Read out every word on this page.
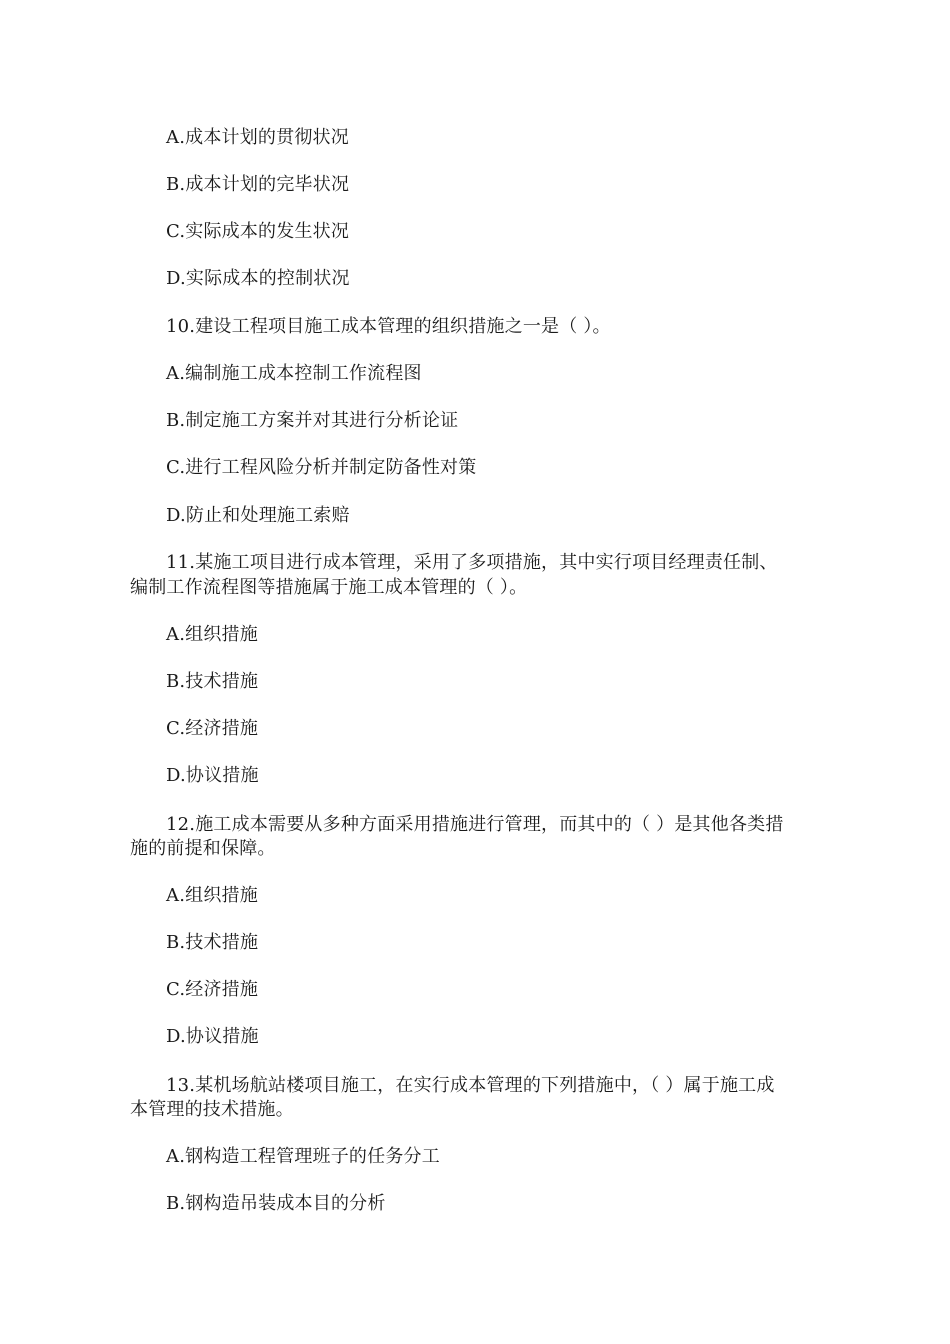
A.成本计划的贯彻状况
B.成本计划的完毕状况
C.实际成本的发生状况
D.实际成本的控制状况
10.建设工程项目施工成本管理的组织措施之一是（ ）。
A.编制施工成本控制工作流程图
B.制定施工方案并对其进行分析论证
C.进行工程风险分析并制定防备性对策
D.防止和处理施工索赔
11.某施工项目进行成本管理，采用了多项措施，其中实行项目经理责任制、
编制工作流程图等措施属于施工成本管理的（ ）。
A.组织措施
B.技术措施
C.经济措施
D.协议措施
12.施工成本需要从多种方面采用措施进行管理，而其中的（ ）是其他各类措
施的前提和保障。
A.组织措施
B.技术措施
C.经济措施
D.协议措施
13.某机场航站楼项目施工，在实行成本管理的下列措施中，（ ）属于施工成
本管理的技术措施。
A.钢构造工程管理班子的任务分工
B.钢构造吊装成本目的分析
